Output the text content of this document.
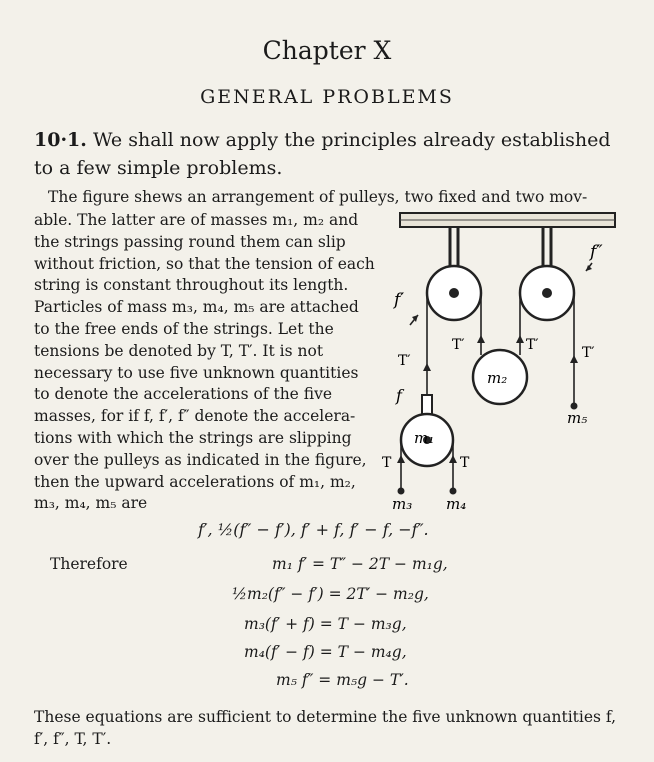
Chapter X
GENERAL PROBLEMS
10·1. We shall now apply the principles already established to a few simple problems.
The figure shews an arrangement of pulleys, two fixed and two mov-
able. The latter are of masses m₁, m₂ and
the strings passing round them can slip
without friction, so that the tension of each
string is constant throughout its length.
Particles of mass m₃, m₄, m₅ are attached
to the free ends of the strings. Let the
tensions be denoted by T, T′. It is not
necessary to use five unknown quantities
to denote the accelerations of the five
masses, for if f, f′, f″ denote the accelera-
tions with which the strings are slipping
over the pulleys as indicated in the figure,
then the upward accelerations of m₁, m₂,
m₃, m₄, m₅ are
f′, ½(f″ − f′), f′ + f, f′ − f, −f″.
Therefore	m₁ f′ = T″ − 2T − m₁g,
½m₂(f″ − f′) = 2T′ − m₂g,
m₃(f′ + f) = T − m₃g,
m₄(f′ − f) = T − m₄g,
m₅ f″ = m₅g − T′.
These equations are sufficient to determine the five unknown quantities f, f′, f″, T, T′.
f′
f″
T′
T′	T′	T′
m₂
m₅
f
m₁
T	T
m₃ m₄
